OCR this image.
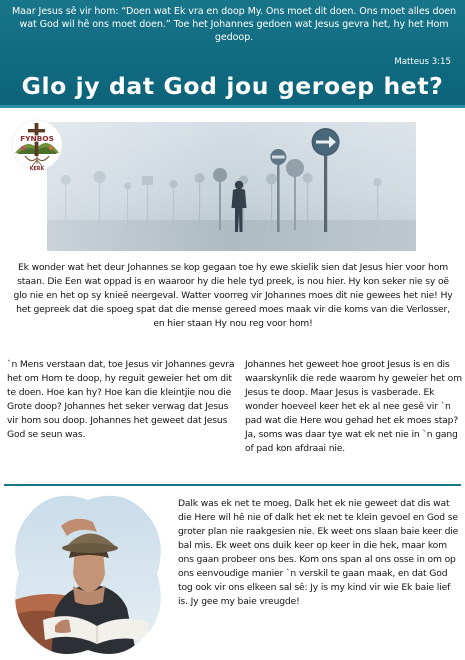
Maar Jesus sê vir hom: “Doen wat Ek vra en doop My. Ons moet dit doen. Ons moet alles doen wat God wil hê ons moet doen.” Toe het Johannes gedoen wat Jesus gevra het, hy het Hom gedoop.

Matteus 3:15

Glo jy dat God jou geroep het?
FYNBOS
KERK

Ek wonder wat het deur Johannes se kop gegaan toe hy ewe skielik sien dat Jesus hier voor hom staan. Die Een wat oppad is en waaroor hy die hele tyd preek, is nou hier. Hy kon seker nie sy oë glo nie en het op sy knieë neergeval. Watter voorreg vir Johannes moes dit nie gewees het nie! Hy het gepreek dat die spoeg spat dat die mense gereed moes maak vir die koms van die Verlosser, en hier staan Hy nou reg voor hom!

`n Mens verstaan dat, toe Jesus vir Johannes gevra het om Hom te doop, hy reguit geweier het om dit te doen. Hoe kan hy? Hoe kan die kleintjie nou die Grote doop? Johannes het seker verwag dat Jesus vir hom sou doop. Johannes het geweet dat Jesus God se seun was.

Johannes het geweet hoe groot Jesus is en dis waarskynlik die rede waarom hy geweier het om Jesus te doop. Maar Jesus is vasberade. Ek wonder hoeveel keer het ek al nee gesê vir `n pad wat die Here wou gehad het ek moes stap? Ja, soms was daar tye wat ek net nie in `n gang of pad kon afdraai nie.

Dalk was ek net te moeg. Dalk het ek nie geweet dat dis wat die Here wil hê nie of dalk het ek net te klein gevoel en God se groter plan nie raakgesien nie. Ek weet ons slaan baie keer die bal mis. Ek weet ons duik keer op keer in die hek, maar kom ons gaan probeer ons bes. Kom ons span al ons osse in om op ons eenvoudige manier `n verskil te gaan maak, en dat God tog ook vir ons elkeen sal sê: Jy is my kind vir wie Ek baie lief is. Jy gee my baie vreugde!
